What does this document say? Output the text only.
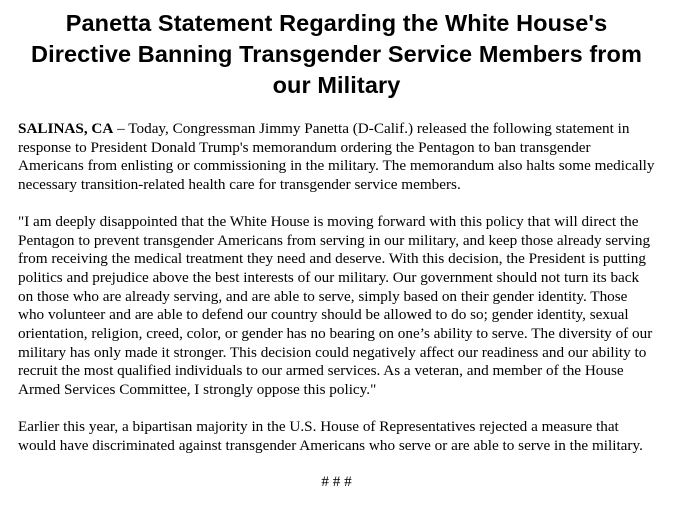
Panetta Statement Regarding the White House's Directive Banning Transgender Service Members from our Military

SALINAS, CA – Today, Congressman Jimmy Panetta (D-Calif.) released the following statement in response to President Donald Trump's memorandum ordering the Pentagon to ban transgender Americans from enlisting or commissioning in the military. The memorandum also halts some medically necessary transition-related health care for transgender service members.

"I am deeply disappointed that the White House is moving forward with this policy that will direct the Pentagon to prevent transgender Americans from serving in our military, and keep those already serving from receiving the medical treatment they need and deserve. With this decision, the President is putting politics and prejudice above the best interests of our military. Our government should not turn its back on those who are already serving, and are able to serve, simply based on their gender identity. Those who volunteer and are able to defend our country should be allowed to do so; gender identity, sexual orientation, religion, creed, color, or gender has no bearing on one’s ability to serve. The diversity of our military has only made it stronger. This decision could negatively affect our readiness and our ability to recruit the most qualified individuals to our armed services. As a veteran, and member of the House Armed Services Committee, I strongly oppose this policy."

Earlier this year, a bipartisan majority in the U.S. House of Representatives rejected a measure that would have discriminated against transgender Americans who serve or are able to serve in the military.

# # #
